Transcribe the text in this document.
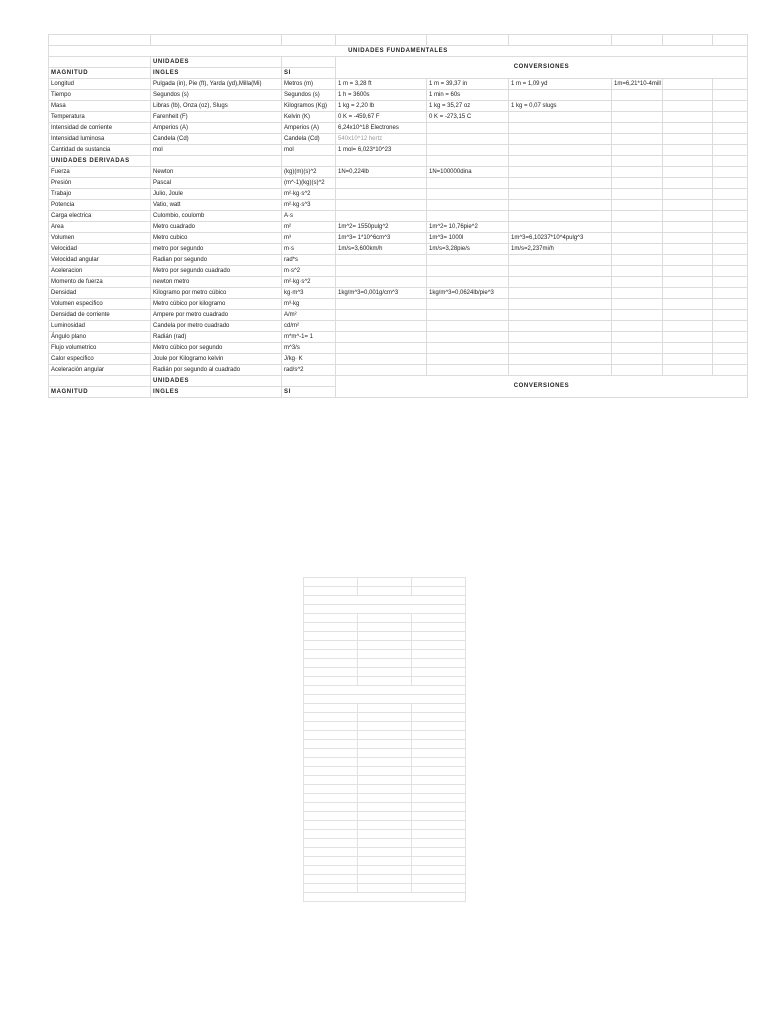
UNIDADES FUNDAMENTALES								
	UNIDADES		CONVERSIONES					
MAGNITUD	INGLES	SI						
Longitud	Pulgada (in), Pie (ft), Yarda (yd),Milla(Mi)	Metros (m)	1 m = 3,28 ft	1 m = 39,37 in	1 m = 1,09 yd	1m=6,21*10-4mill		
Tiempo	Segundos (s)	Segundos (s)	1 h = 3600s	1 min = 60s				
Masa	Libras (lb), Onza (oz), Slugs	Kilogramos (Kg)	1 kg = 2,20 lb	1 kg = 35,27 oz	1 kg = 0,07 slugs			
Temperatura	Farenheit (F)	Kelvin (K)	0 K = -459,67 F	0 K = -273,15 C				
Intensidad de corriente	Amperios (A)	Amperios (A)	6,24x10^18 Electrones					
Intensidad luminosa	Candela (Cd)	Candela (Cd)	540x10^12 hertz					
Cantidad de sustancia	mol	mol	1 mol= 6,023*10^23					
UNIDADES DERIVADAS								
Fuerza	Newton	(kg)(m)(s)^2	1N=0,224lb	1N=100000dina				
Presión	Pascal	(m^-1)(kg)(s)^2						
Trabajo	Julio, Joule	m²·kg·s^2						
Potencia	Vatio, watt	m²·kg·s^3						
Carga electrica	Culombio, coulomb	A·s						
Area	Metro cuadrado	m²	1m^2= 1550pulg^2	1m^2= 10,76pie^2				
Volumen	Metro cubico	m³	1m^3= 1*10^6cm^3	1m^3= 1000l	1m^3=6,10237*10^4pulg^3			
Velocidad	metro por segundo	m·s	1m/s=3,600km/h	1m/s=3,28pie/s	1m/s=2,237mi/h			
Velocidad angular	Radian por segundo	rad*s						
Aceleracion	Metro por segundo cuadrado	m·s^2						
Momento de fuerza	newton metro	m²·kg·s^2						
Densidad	Kilogramo por metro cúbico	kg·m^3	1kg/m^3=0,001g/cm^3	1kg/m^3=0,0624lb/pie^3				
Volumen especifico	Metro cúbico por kilogramo	m³·kg						
Densidad de corriente	Ampere por metro cuadrado	A/m²						
Luminosidad	Candela por metro cuadrado	cd/m²						
Ángulo plano	Radián (rad)	m*m^-1= 1						
Flujo volumetrico	Metro cúbico por segundo	m^3/s						
Calor especifico	Joule por Kilogramo kelvin	J/kg· K						
Aceleración angular	Radián por segundo al cuadrado	rad/s^2						
	UNIDADES		CONVERSIONES					
MAGNITUD	INGLES	SI						
